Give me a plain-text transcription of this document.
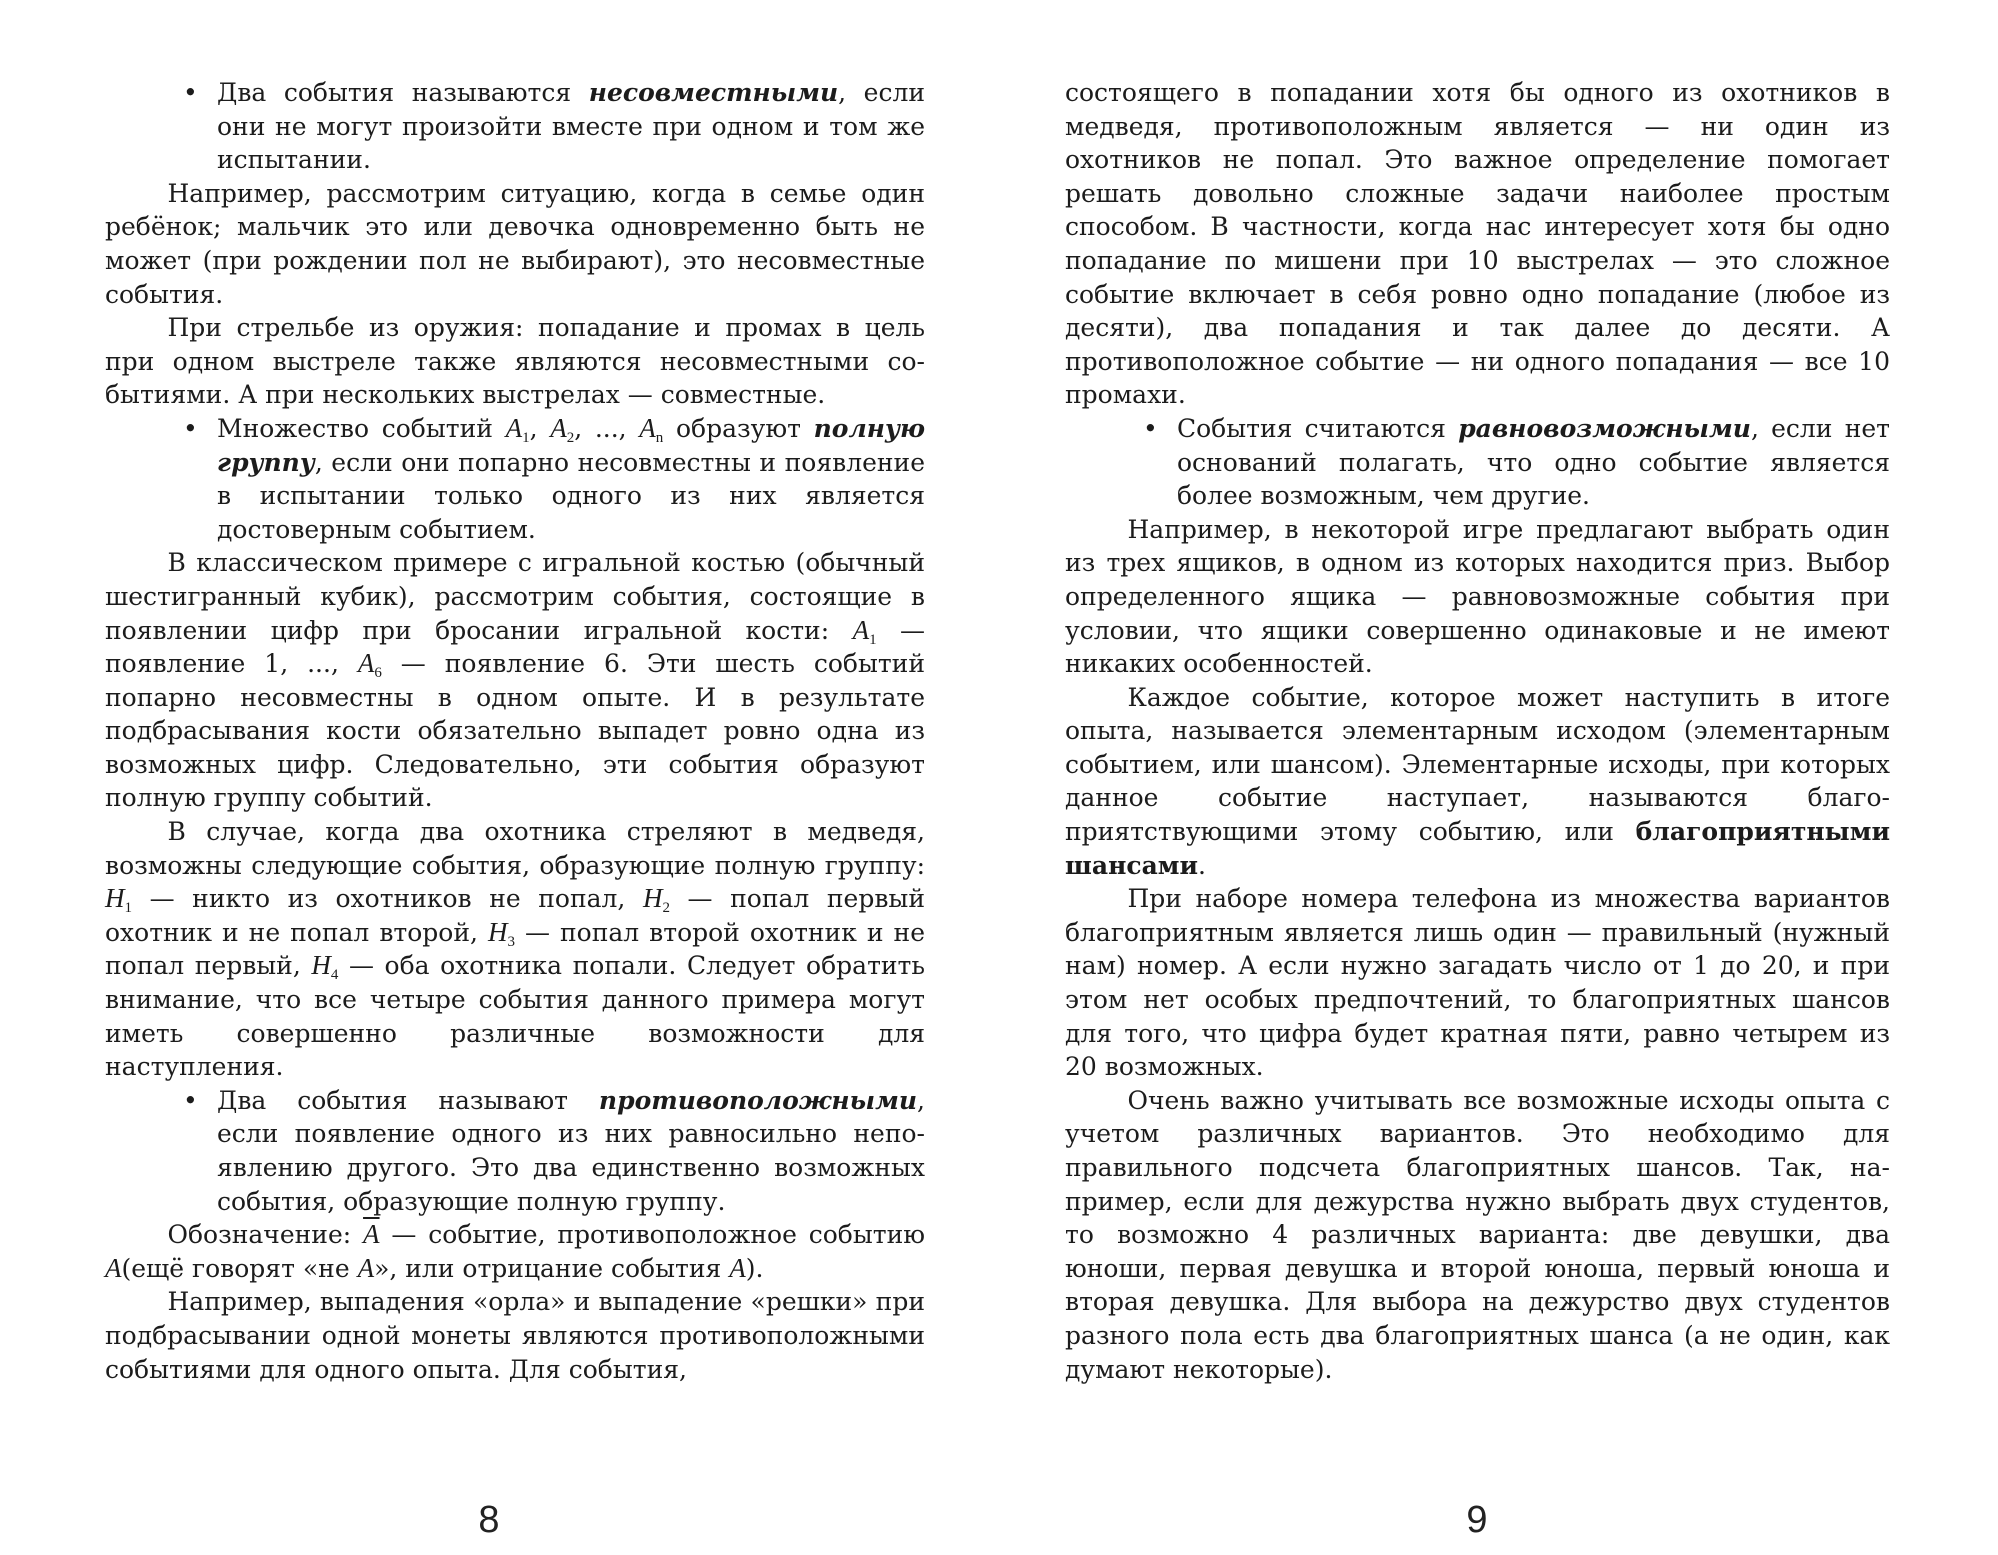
• Два события называются несовместными, если они не могут произойти вместе при одном и том же испытании.

Например, рассмотрим ситуацию, когда в семье один ребёнок; мальчик это или девочка одновременно быть не может (при рождении пол не выбирают), это несовместные события.

При стрельбе из оружия: попадание и промах в цель при одном выстреле также являются несовместными событиями. А при нескольких выстрелах — совместные.

• Множество событий $A_1$, $A_2$, ..., $A_n$ образуют полную группу, если они попарно несовместны и появление в испытании только одного из них является достоверным событием.

В классическом примере с игральной костью (обычный шестигранный кубик), рассмотрим события, состоящие в появлении цифр при бросании игральной кости: $A_1$ — появление 1, ..., $A_6$ — появление 6. Эти шесть событий попарно несовместны в одном опыте. И в результате подбрасывания кости обязательно выпадет ровно одна из возможных цифр. Следовательно, эти события образуют полную группу событий.

В случае, когда два охотника стреляют в медведя, возможны следующие события, образующие полную группу: $H_1$ — никто из охотников не попал, $H_2$ — попал первый охотник и не попал второй, $H_3$ — попал второй охотник и не попал первый, $H_4$ — оба охотника попали. Следует обратить внимание, что все четыре события данного примера могут иметь совершенно различные возможности для наступления.

• Два события называют противоположными, если появление одного из них равносильно непоявлению другого. Это два единственно возможных события, образующие полную группу.

Обозначение: $\overline{A}$ — событие, противоположное событию A(ещё говорят «не A», или отрицание события A).

Например, выпадения «орла» и выпадение «решки» при подбрасывании одной монеты являются противоположными событиями для одного опыта. Для события,

8

состоящего в попадании хотя бы одного из охотников в медведя, противоположным является — ни один из охотников не попал. Это важное определение помогает решать довольно сложные задачи наиболее простым способом. В частности, когда нас интересует хотя бы одно попадание по мишени при 10 выстрелах — это сложное событие включает в себя ровно одно попадание (любое из десяти), два попадания и так далее до десяти. А противоположное событие — ни одного попадания — все 10 промахи.

• События считаются равновозможными, если нет оснований полагать, что одно событие является более возможным, чем другие.

Например, в некоторой игре предлагают выбрать один из трех ящиков, в одном из которых находится приз. Выбор определенного ящика — равновозможные события при условии, что ящики совершенно одинаковые и не имеют никаких особенностей.

Каждое событие, которое может наступить в итоге опыта, называется элементарным исходом (элементарным событием, или шансом). Элементарные исходы, при которых данное событие наступает, называются благоприятствующими этому событию, или благоприятными шансами.

При наборе номера телефона из множества вариантов благоприятным является лишь один — правильный (нужный нам) номер. А если нужно загадать число от 1 до 20, и при этом нет особых предпочтений, то благоприятных шансов для того, что цифра будет кратная пяти, равно четырем из 20 возможных.

Очень важно учитывать все возможные исходы опыта с учетом различных вариантов. Это необходимо для правильного подсчета благоприятных шансов. Так, например, если для дежурства нужно выбрать двух студентов, то возможно 4 различных варианта: две девушки, два юноши, первая девушка и второй юноша, первый юноша и вторая девушка. Для выбора на дежурство двух студентов разного пола есть два благоприятных шанса (а не один, как думают некоторые).

9
